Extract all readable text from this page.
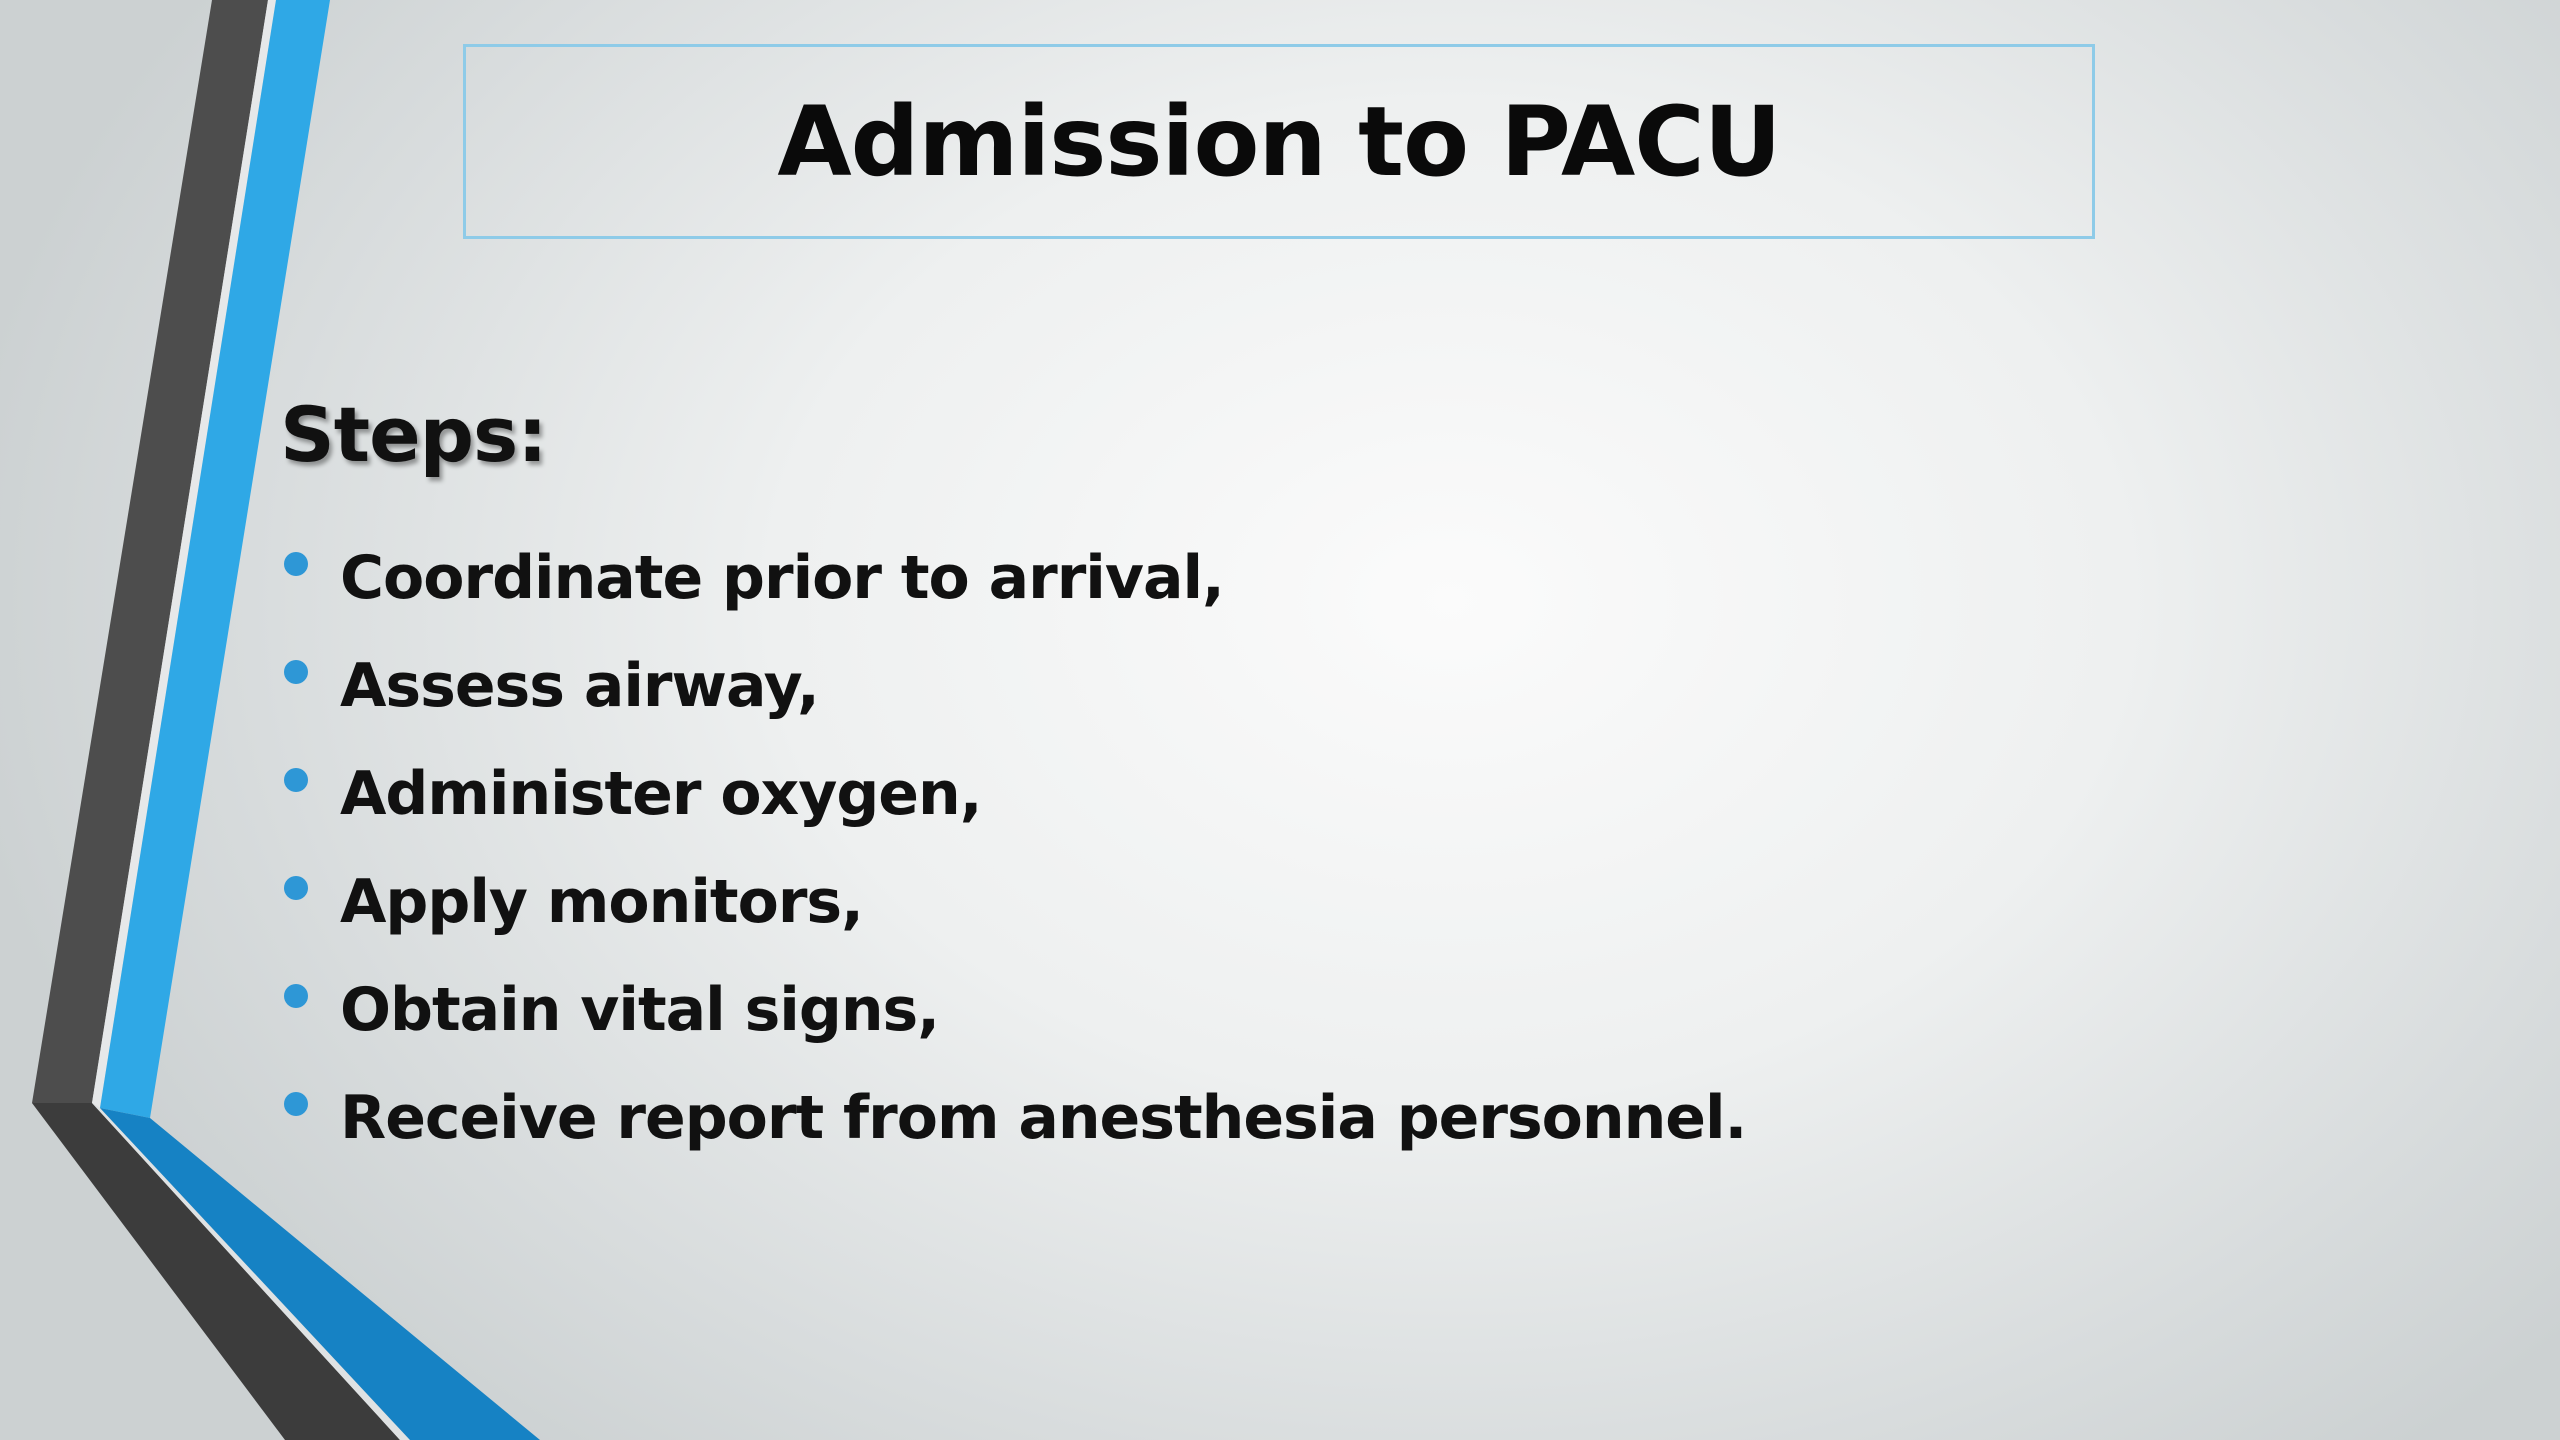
Admission to PACU
Steps:
Coordinate prior to arrival,
Assess airway,
Administer oxygen,
Apply monitors,
Obtain vital signs,
Receive report from anesthesia personnel.
